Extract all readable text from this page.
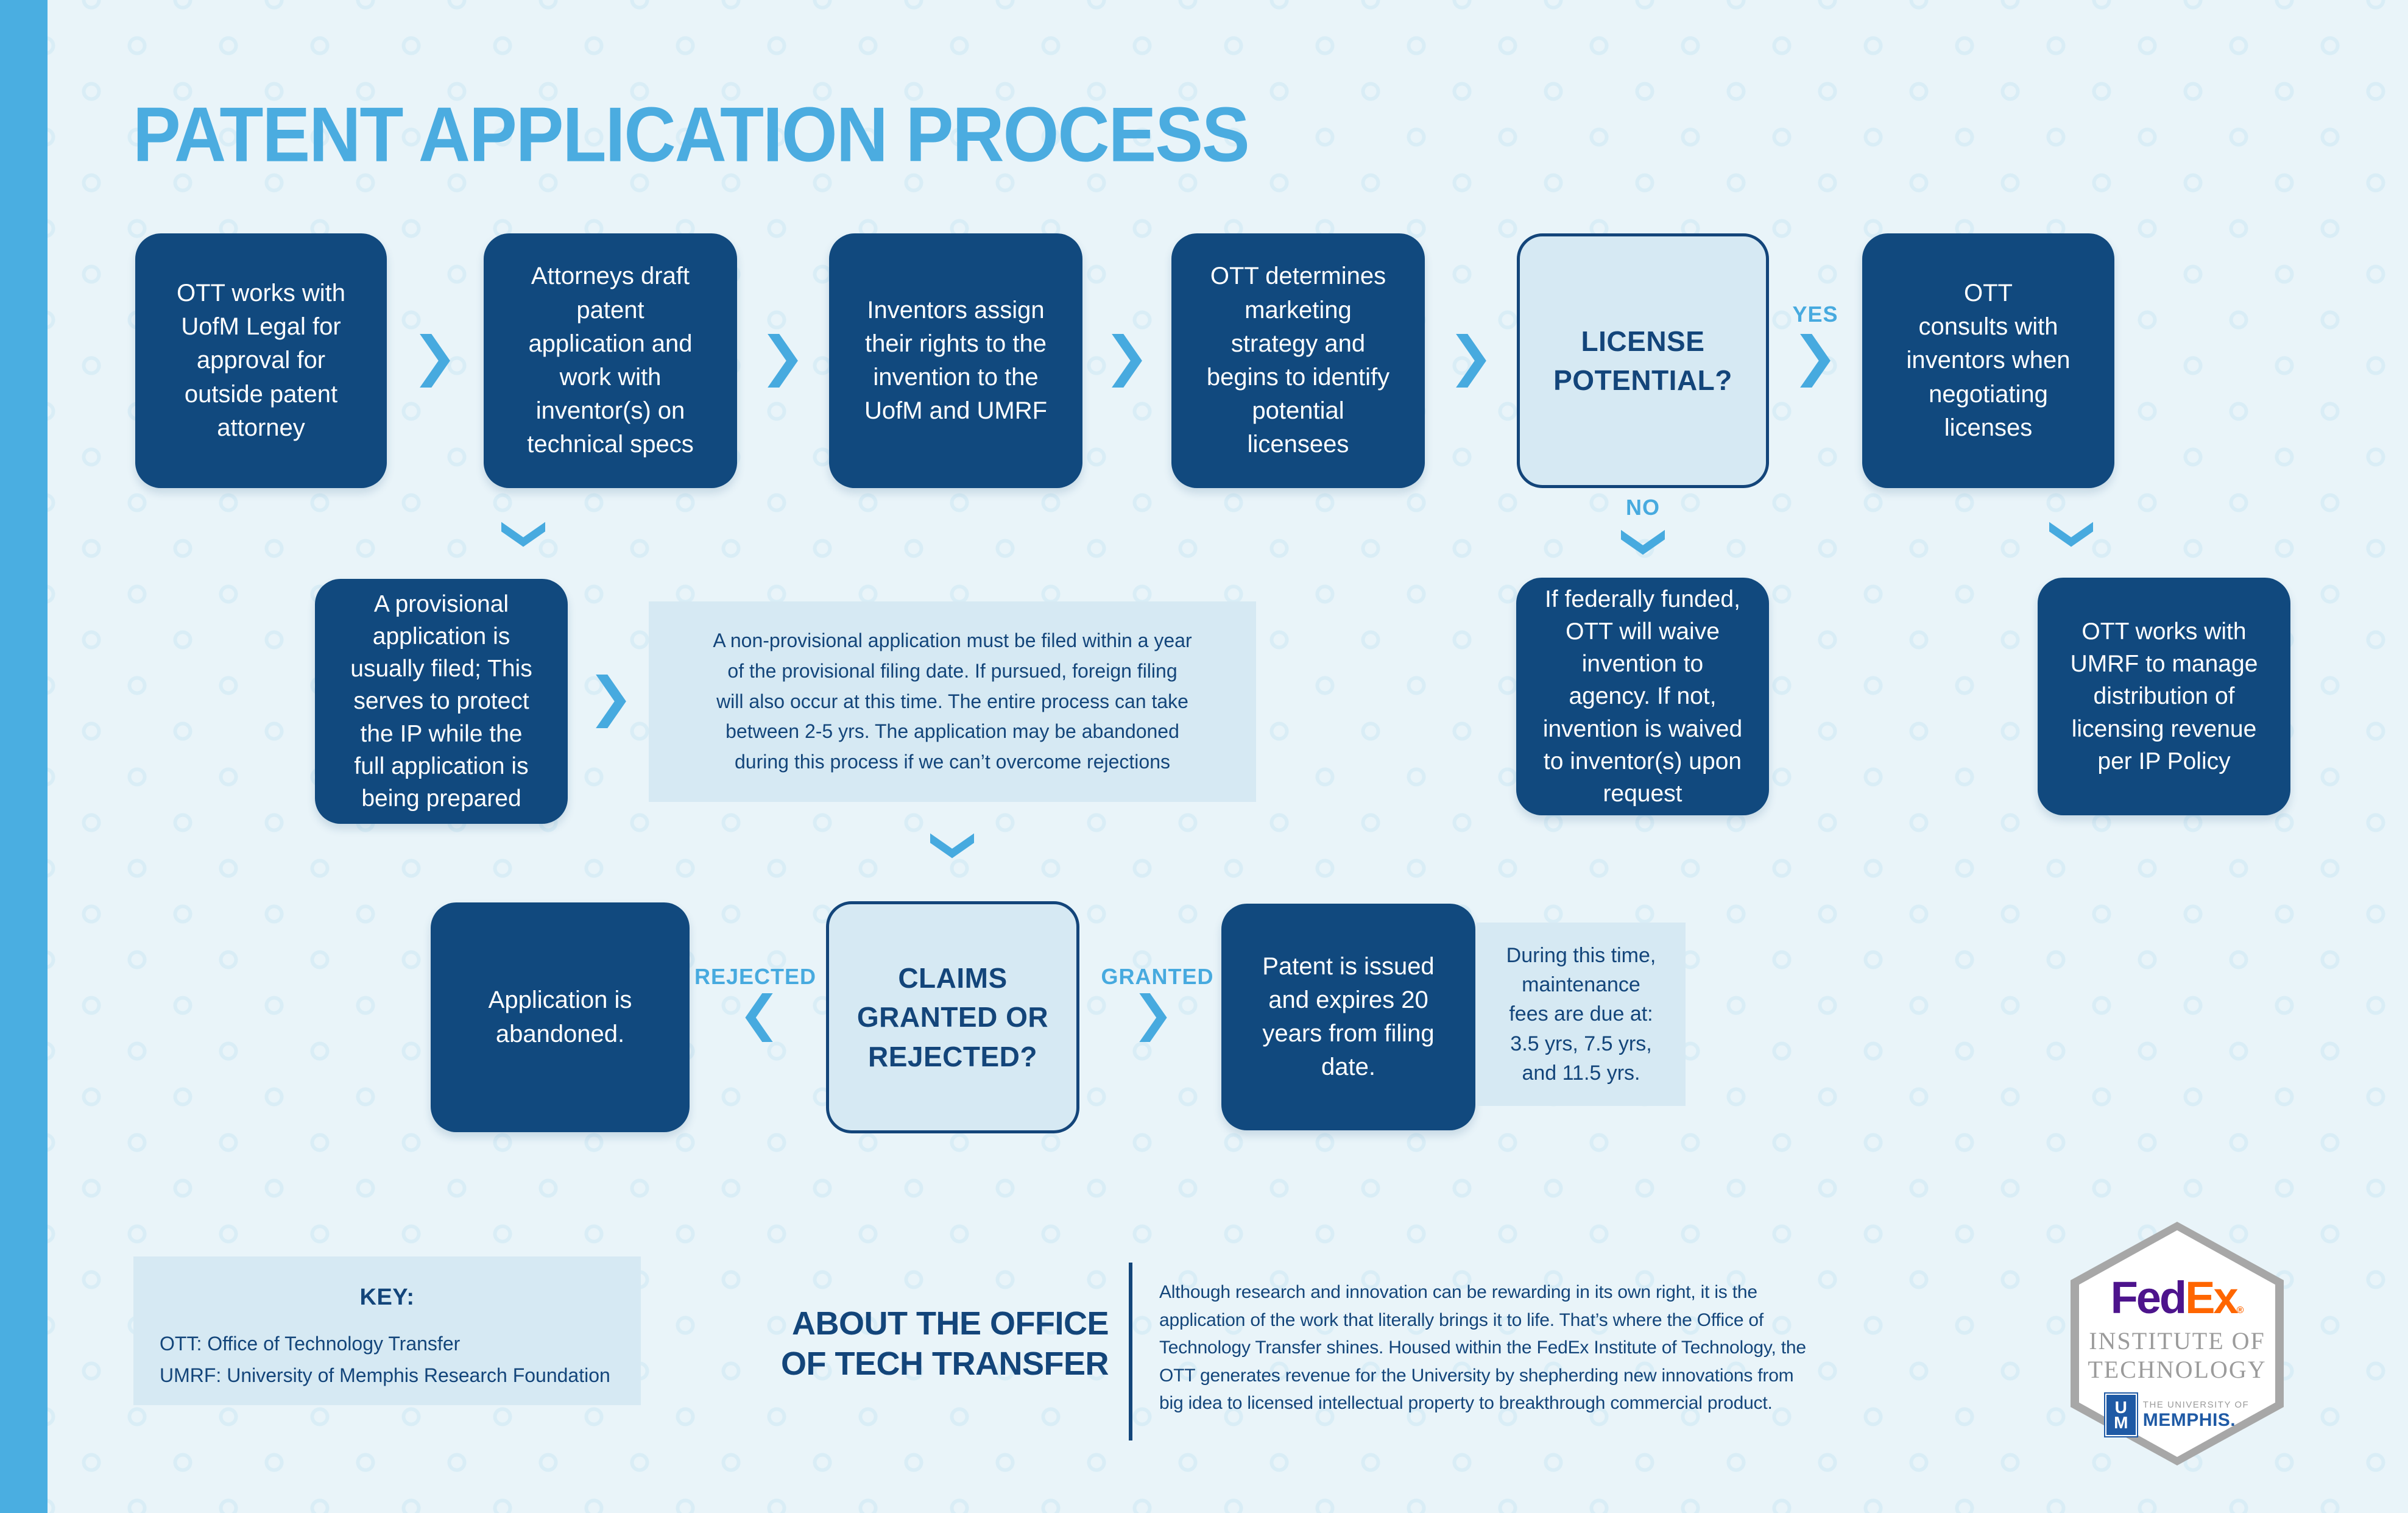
PATENT APPLICATION PROCESS
OTT works with
UofM Legal for
approval for
outside patent
attorney
Attorneys draft
patent
application and
work with
inventor(s) on
technical specs
Inventors assign
their rights to the
invention to the
UofM and UMRF
OTT determines
marketing
strategy and
begins to identify
potential
licensees
LICENSE
POTENTIAL?
YES
OTT
consults with
inventors when
negotiating
licenses
NO
A provisional
application is
usually filed; This
serves to protect
the IP while the
full application is
being prepared
A non-provisional application must be filed within a year
of the provisional filing date. If pursued, foreign filing
will also occur at this time. The entire process can take
between 2-5 yrs. The application may be abandoned
during this process if we can’t overcome rejections
If federally funded,
OTT will waive
invention to
agency. If not,
invention is waived
to inventor(s) upon
request
OTT works with
UMRF to manage
distribution of
licensing revenue
per IP Policy
Application is
abandoned.
REJECTED	CLAIMS
GRANTED OR
REJECTED?
GRANTED	Patent is issued
and expires 20
years from filing
date.
During this time,
maintenance
fees are due at:
3.5 yrs, 7.5 yrs,
and 11.5 yrs.
KEY:
OTT: Office of Technology Transfer
UMRF: University of Memphis Research Foundation
ABOUT THE OFFICE
OF TECH TRANSFER
Although research and innovation can be rewarding in its own right, it is the
application of the work that literally brings it to life. That’s where the Office of
Technology Transfer shines. Housed within the FedEx Institute of Technology, the
OTT generates revenue for the University by shepherding new innovations from
big idea to licensed intellectual property to breakthrough commercial product.
FedEx®
INSTITUTE OF
TECHNOLOGY
U
M
THE UNIVERSITY OF
MEMPHIS.
